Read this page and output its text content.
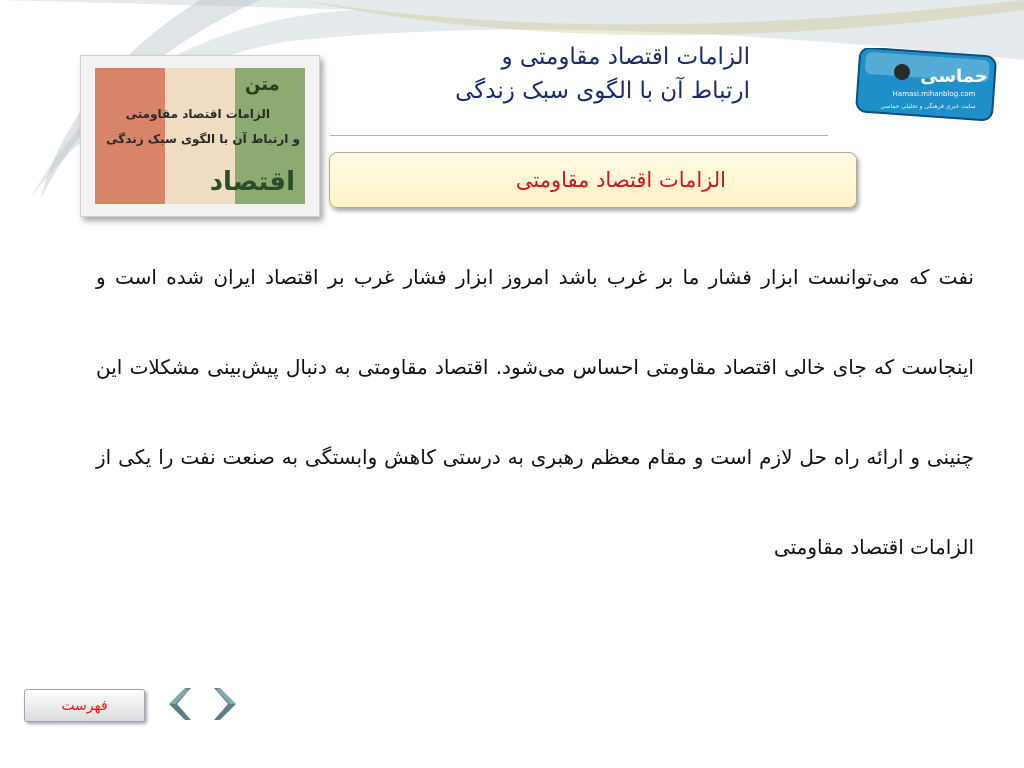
الزامات اقتصاد مقاومتی و
ارتباط آن با الگوی سبک زندگی
الزامات اقتصاد مقاومتی
متن
الزامات اقتصاد مقاومتی
و ارتباط آن با الگوی سبک زندگی
اقتصاد
حماسی
Hamasi.mihanblog.com
سایت خبری فرهنگی و تحلیلی حماسی
نفت که می‌توانست ابزار فشار ما بر غرب باشد امروز ابزار فشار غرب بر اقتصاد ایران شده است و اینجاست که جای خالی اقتصاد مقاومتی احساس می‌شود. اقتصاد مقاومتی به دنبال پیش‌بینی مشکلات این چنینی و ارائه راه حل لازم است و مقام معظم رهبری به درستی کاهش وابستگی به صنعت نفت را یکی از الزامات اقتصاد مقاومتی
فهرست
